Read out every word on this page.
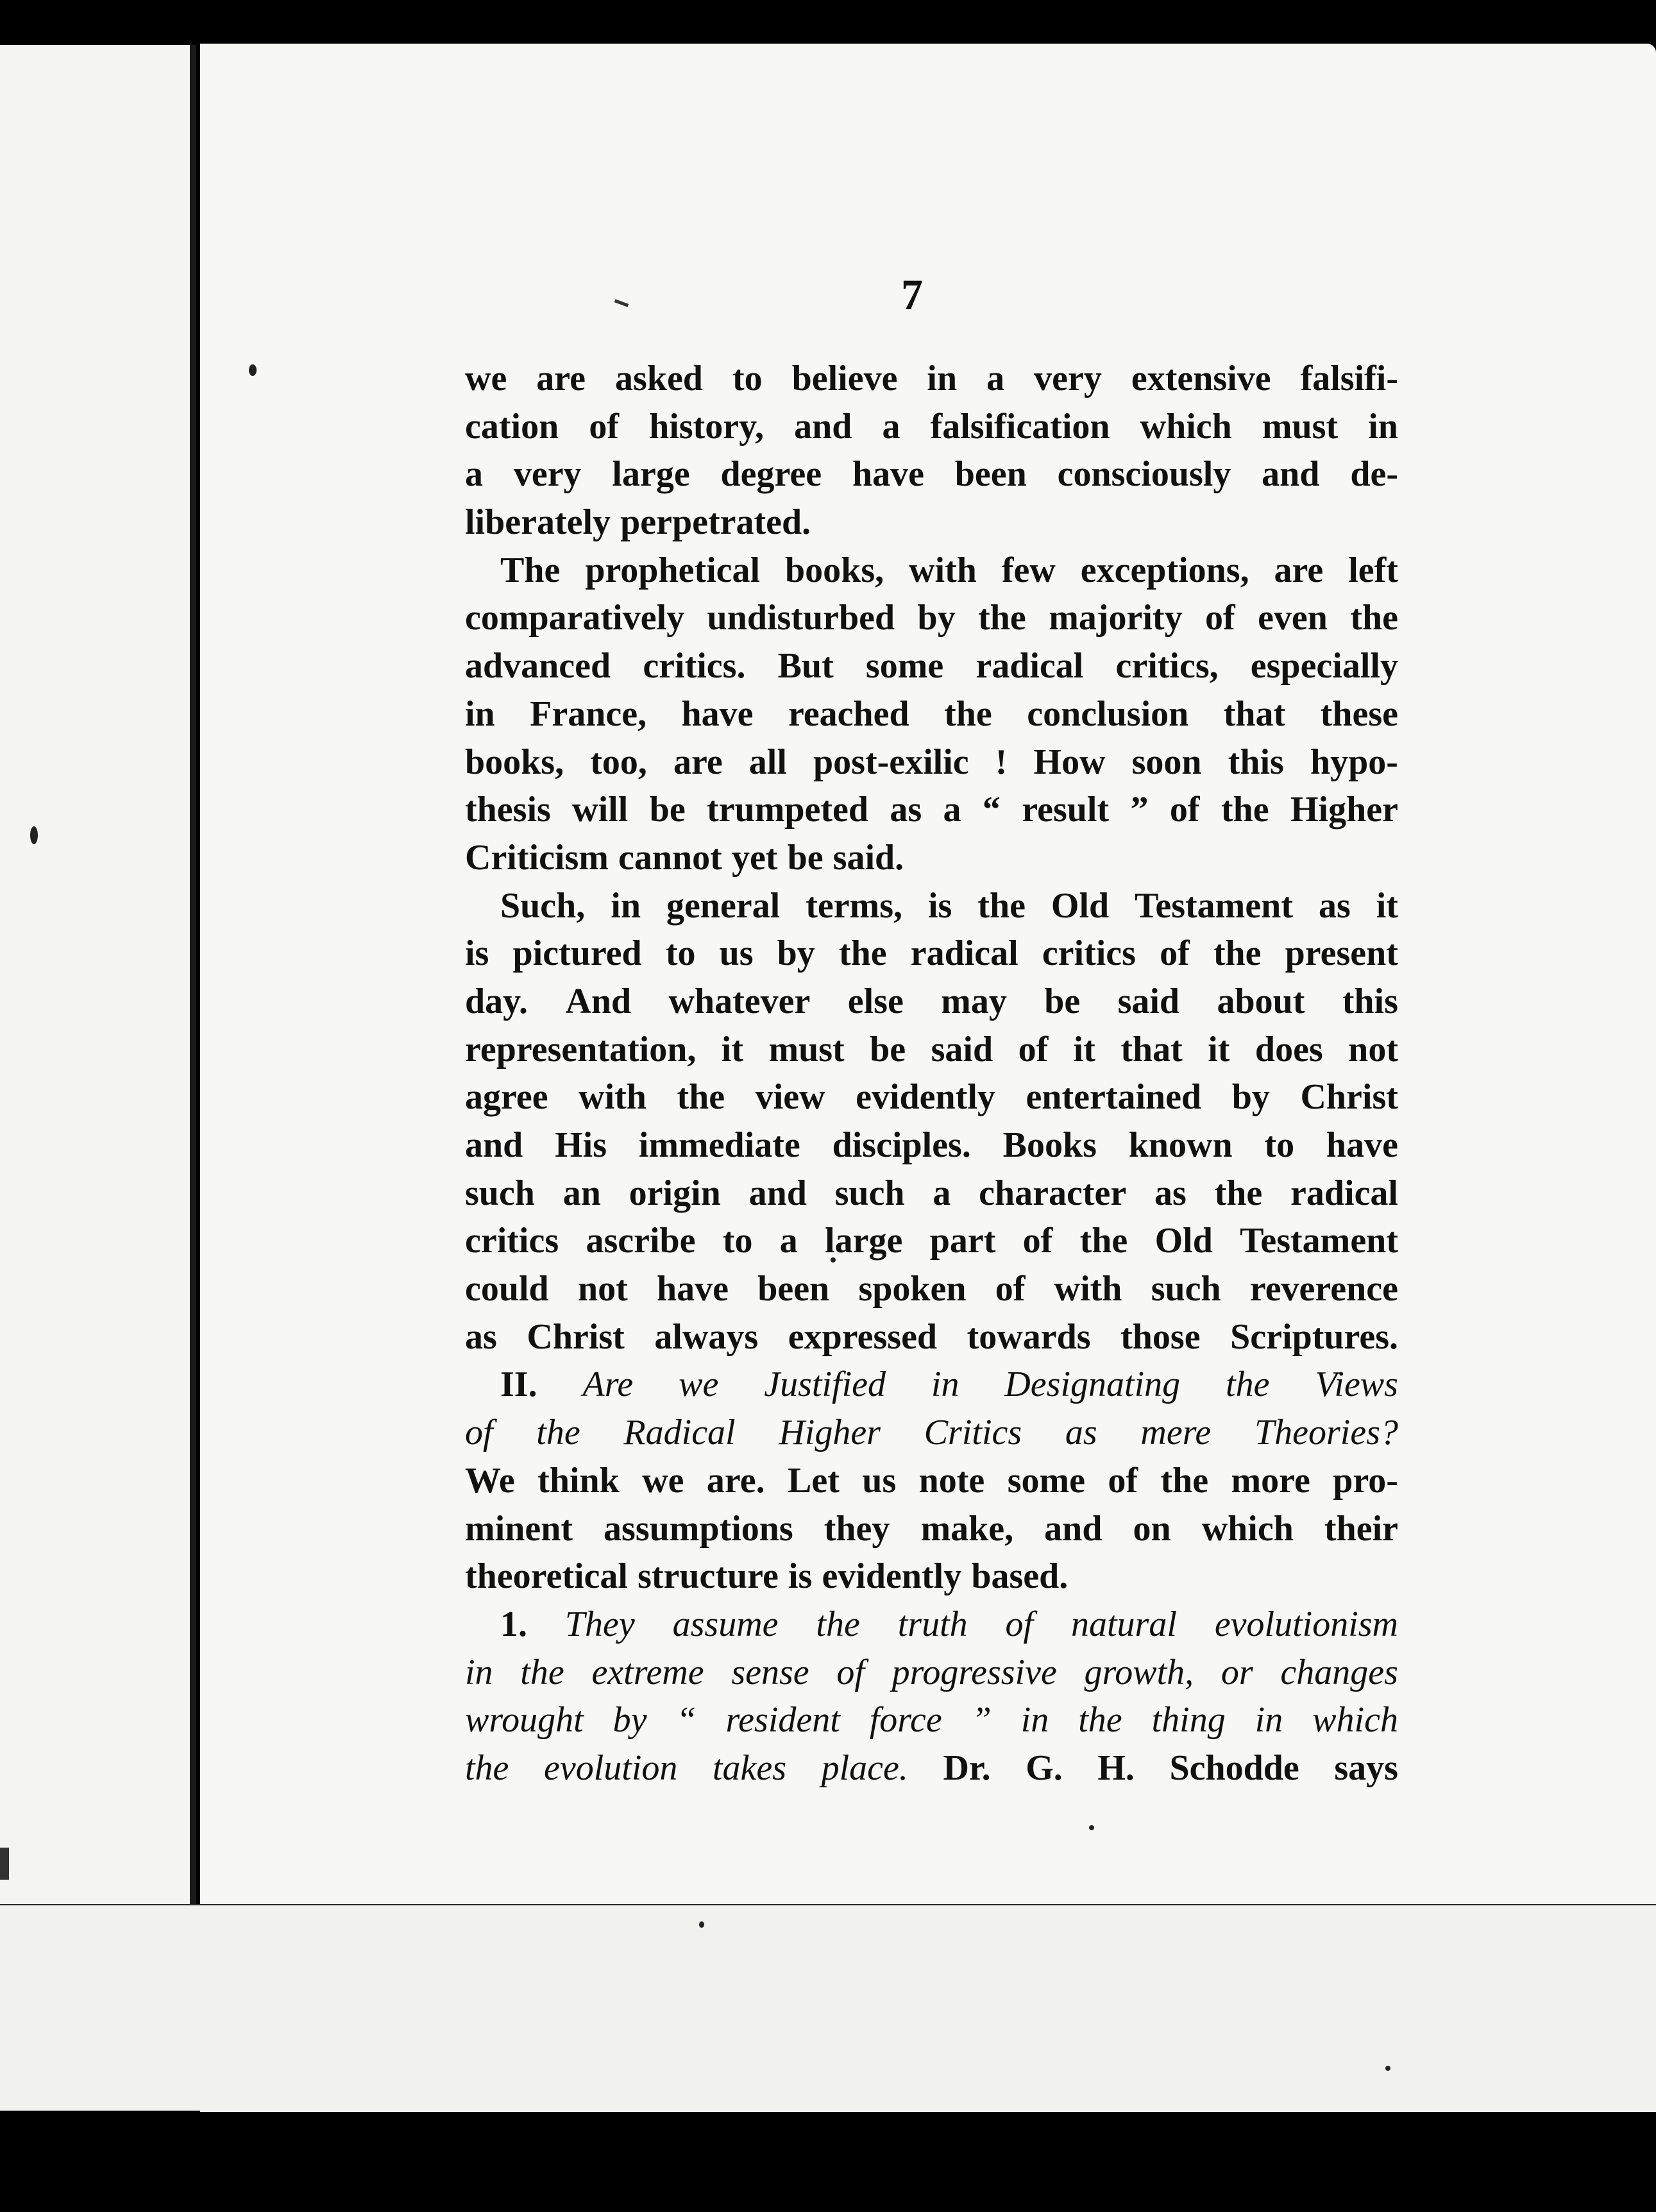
7
we are asked to believe in a very extensive falsifi-
cation of history, and a falsification which must in
a very large degree have been consciously and de-
liberately perpetrated.
The prophetical books, with few exceptions, are left
comparatively undisturbed by the majority of even the
advanced critics. But some radical critics, especially
in France, have reached the conclusion that these
books, too, are all post-exilic ! How soon this hypo-
thesis will be trumpeted as a “ result ” of the Higher
Criticism cannot yet be said.
Such, in general terms, is the Old Testament as it
is pictured to us by the radical critics of the present
day. And whatever else may be said about this
representation, it must be said of it that it does not
agree with the view evidently entertained by Christ
and His immediate disciples. Books known to have
such an origin and such a character as the radical
critics ascribe to a large part of the Old Testament
could not have been spoken of with such reverence
as Christ always expressed towards those Scriptures.
II. Are we Justified in Designating the Views
of the Radical Higher Critics as mere Theories?
We think we are. Let us note some of the more pro-
minent assumptions they make, and on which their
theoretical structure is evidently based.
1. They assume the truth of natural evolutionism
in the extreme sense of progressive growth, or changes
wrought by “ resident force ” in the thing in which
the evolution takes place. Dr. G. H. Schodde says
